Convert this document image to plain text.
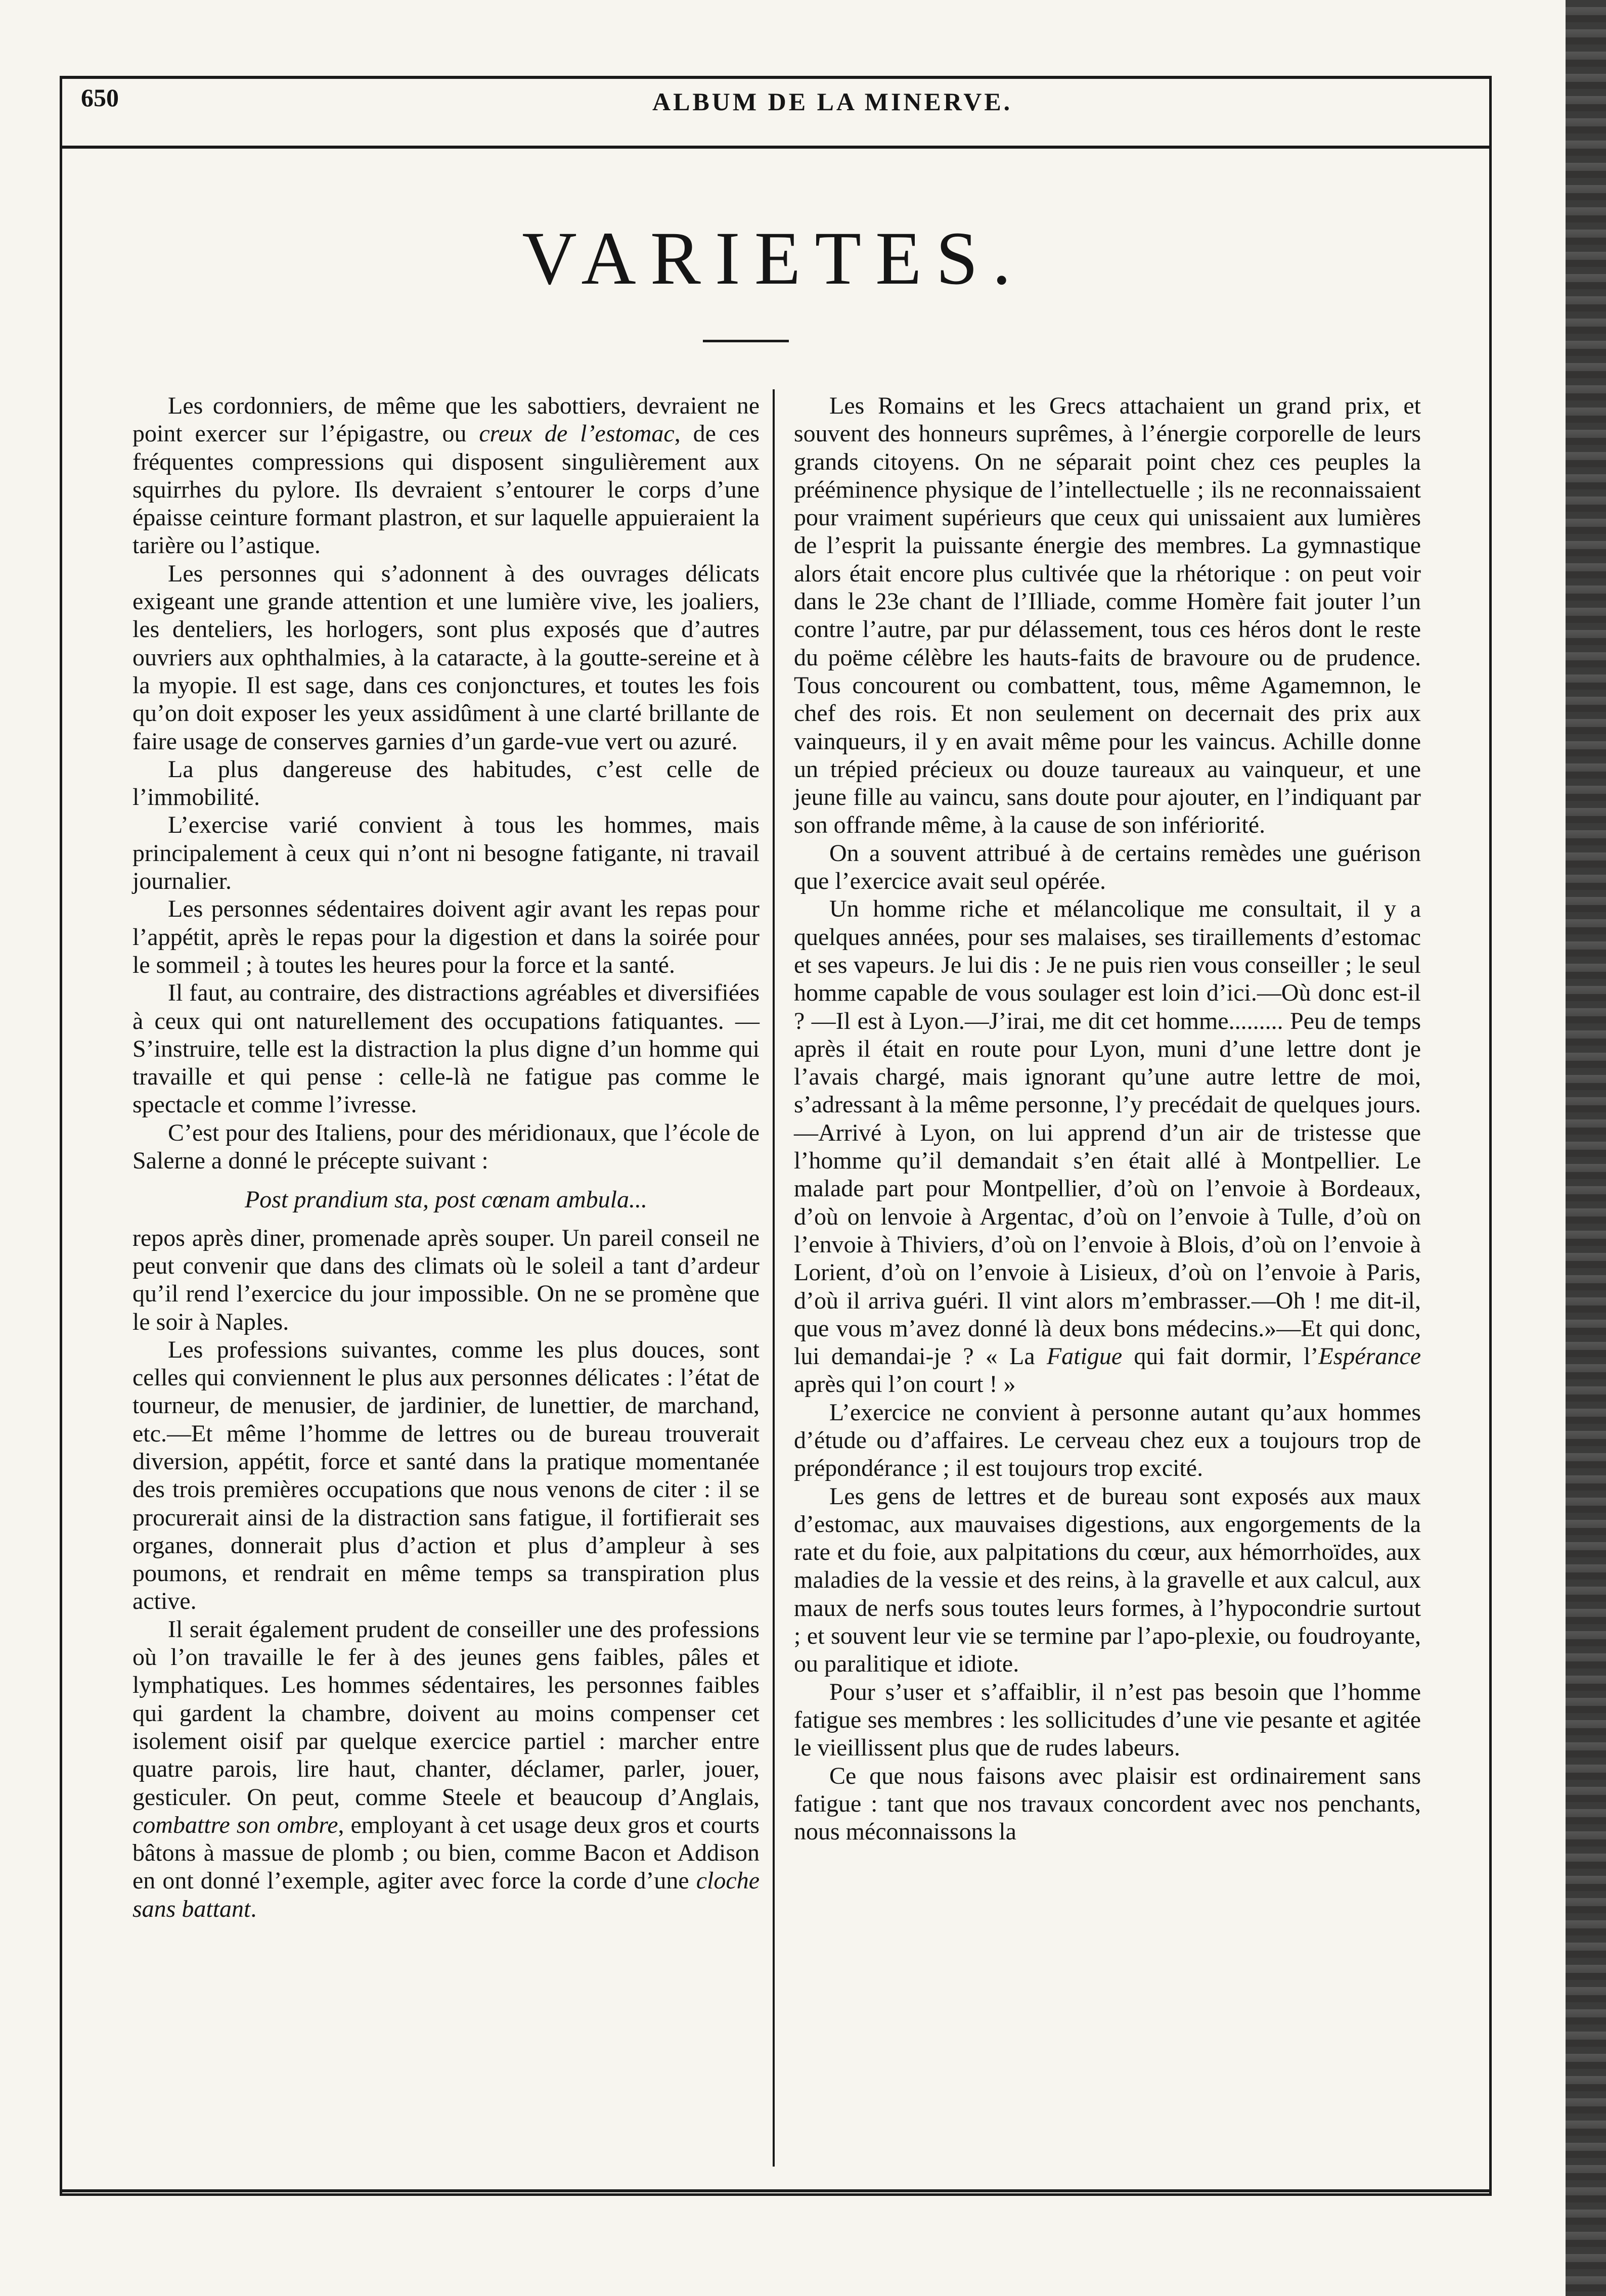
650	ALBUM DE LA MINERVE.
VARIETES.

Les cordonniers, de même que les sabottiers, devraient ne point exercer sur l’épigastre, ou creux de l’estomac, de ces fréquentes compressions qui disposent singulièrement aux squirrhes du pylore. Ils devraient s’entourer le corps d’une épaisse ceinture formant plastron, et sur laquelle appuieraient la tarière ou l’astique.

Les personnes qui s’adonnent à des ouvrages délicats exigeant une grande attention et une lumière vive, les joaliers, les denteliers, les horlogers, sont plus exposés que d’autres ouvriers aux ophthalmies, à la cataracte, à la goutte-sereine et à la myopie. Il est sage, dans ces conjonctures, et toutes les fois qu’on doit exposer les yeux assidûment à une clarté brillante de faire usage de conserves garnies d’un garde-vue vert ou azuré.

La plus dangereuse des habitudes, c’est celle de l’immobilité.

L’exercise varié convient à tous les hommes, mais principalement à ceux qui n’ont ni besogne fatigante, ni travail journalier.

Les personnes sédentaires doivent agir avant les repas pour l’appétit, après le repas pour la digestion et dans la soirée pour le sommeil ; à toutes les heures pour la force et la santé.

Il faut, au contraire, des distractions agréables et diversifiées à ceux qui ont naturellement des occupations fatiquantes. — S’instruire, telle est la distraction la plus digne d’un homme qui travaille et qui pense : celle-là ne fatigue pas comme le spectacle et comme l’ivresse.

C’est pour des Italiens, pour des méridionaux, que l’école de Salerne a donné le précepte suivant :

Post prandium sta, post cœnam ambula...

repos après diner, promenade après souper. Un pareil conseil ne peut convenir que dans des climats où le soleil a tant d’ardeur qu’il rend l’exercice du jour impossible. On ne se promène que le soir à Naples.

Les professions suivantes, comme les plus douces, sont celles qui conviennent le plus aux personnes délicates : l’état de tourneur, de menusier, de jardinier, de lunettier, de marchand, etc.—Et même l’homme de lettres ou de bureau trouverait diversion, appétit, force et santé dans la pratique momentanée des trois premières occupations que nous venons de citer : il se procurerait ainsi de la distraction sans fatigue, il fortifierait ses organes, donnerait plus d’action et plus d’ampleur à ses poumons, et rendrait en même temps sa transpiration plus active.

Il serait également prudent de conseiller une des professions où l’on travaille le fer à des jeunes gens faibles, pâles et lymphatiques. Les hommes sédentaires, les personnes faibles qui gardent la chambre, doivent au moins compenser cet isolement oisif par quelque exercice partiel : marcher entre quatre parois, lire haut, chanter, déclamer, parler, jouer, gesticuler. On peut, comme Steele et beaucoup d’Anglais, combattre son ombre, employant à cet usage deux gros et courts bâtons à massue de plomb ; ou bien, comme Bacon et Addison en ont donné l’exemple, agiter avec force la corde d’une cloche sans battant.

Les Romains et les Grecs attachaient un grand prix, et souvent des honneurs suprêmes, à l’énergie corporelle de leurs grands citoyens. On ne séparait point chez ces peuples la prééminence physique de l’intellectuelle ; ils ne reconnaissaient pour vraiment supérieurs que ceux qui unissaient aux lumières de l’esprit la puissante énergie des membres. La gymnastique alors était encore plus cultivée que la rhétorique : on peut voir dans le 23e chant de l’Illiade, comme Homère fait jouter l’un contre l’autre, par pur délassement, tous ces héros dont le reste du poëme célèbre les hauts-faits de bravoure ou de prudence. Tous concourent ou combattent, tous, même Agamemnon, le chef des rois. Et non seulement on decernait des prix aux vainqueurs, il y en avait même pour les vaincus. Achille donne un trépied précieux ou douze taureaux au vainqueur, et une jeune fille au vaincu, sans doute pour ajouter, en l’indiquant par son offrande même, à la cause de son infériorité.

On a souvent attribué à de certains remèdes une guérison que l’exercice avait seul opérée.

Un homme riche et mélancolique me consultait, il y a quelques années, pour ses malaises, ses tiraillements d’estomac et ses vapeurs. Je lui dis : Je ne puis rien vous conseiller ; le seul homme capable de vous soulager est loin d’ici.—Où donc est-il ? —Il est à Lyon.—J’irai, me dit cet homme......... Peu de temps après il était en route pour Lyon, muni d’une lettre dont je l’avais chargé, mais ignorant qu’une autre lettre de moi, s’adressant à la même personne, l’y precédait de quelques jours. —Arrivé à Lyon, on lui apprend d’un air de tristesse que l’homme qu’il demandait s’en était allé à Montpellier. Le malade part pour Montpellier, d’où on l’envoie à Bordeaux, d’où on lenvoie à Argentac, d’où on l’envoie à Tulle, d’où on l’envoie à Thiviers, d’où on l’envoie à Blois, d’où on l’envoie à Lorient, d’où on l’envoie à Lisieux, d’où on l’envoie à Paris, d’où il arriva guéri. Il vint alors m’embrasser.—Oh ! me dit-il, que vous m’avez donné là deux bons médecins.»—Et qui donc, lui demandai-je ? « La Fatigue qui fait dormir, l’Espérance après qui l’on court ! »

L’exercice ne convient à personne autant qu’aux hommes d’étude ou d’affaires. Le cerveau chez eux a toujours trop de prépondérance ; il est toujours trop excité.

Les gens de lettres et de bureau sont exposés aux maux d’estomac, aux mauvaises digestions, aux engorgements de la rate et du foie, aux palpitations du cœur, aux hémorrhoïdes, aux maladies de la vessie et des reins, à la gravelle et aux calcul, aux maux de nerfs sous toutes leurs formes, à l’hypocondrie surtout ; et souvent leur vie se termine par l’apo-plexie, ou foudroyante, ou paralitique et idiote.

Pour s’user et s’affaiblir, il n’est pas besoin que l’homme fatigue ses membres : les sollicitudes d’une vie pesante et agitée le vieillissent plus que de rudes labeurs.

Ce que nous faisons avec plaisir est ordinairement sans fatigue : tant que nos travaux concordent avec nos penchants, nous méconnaissons la
